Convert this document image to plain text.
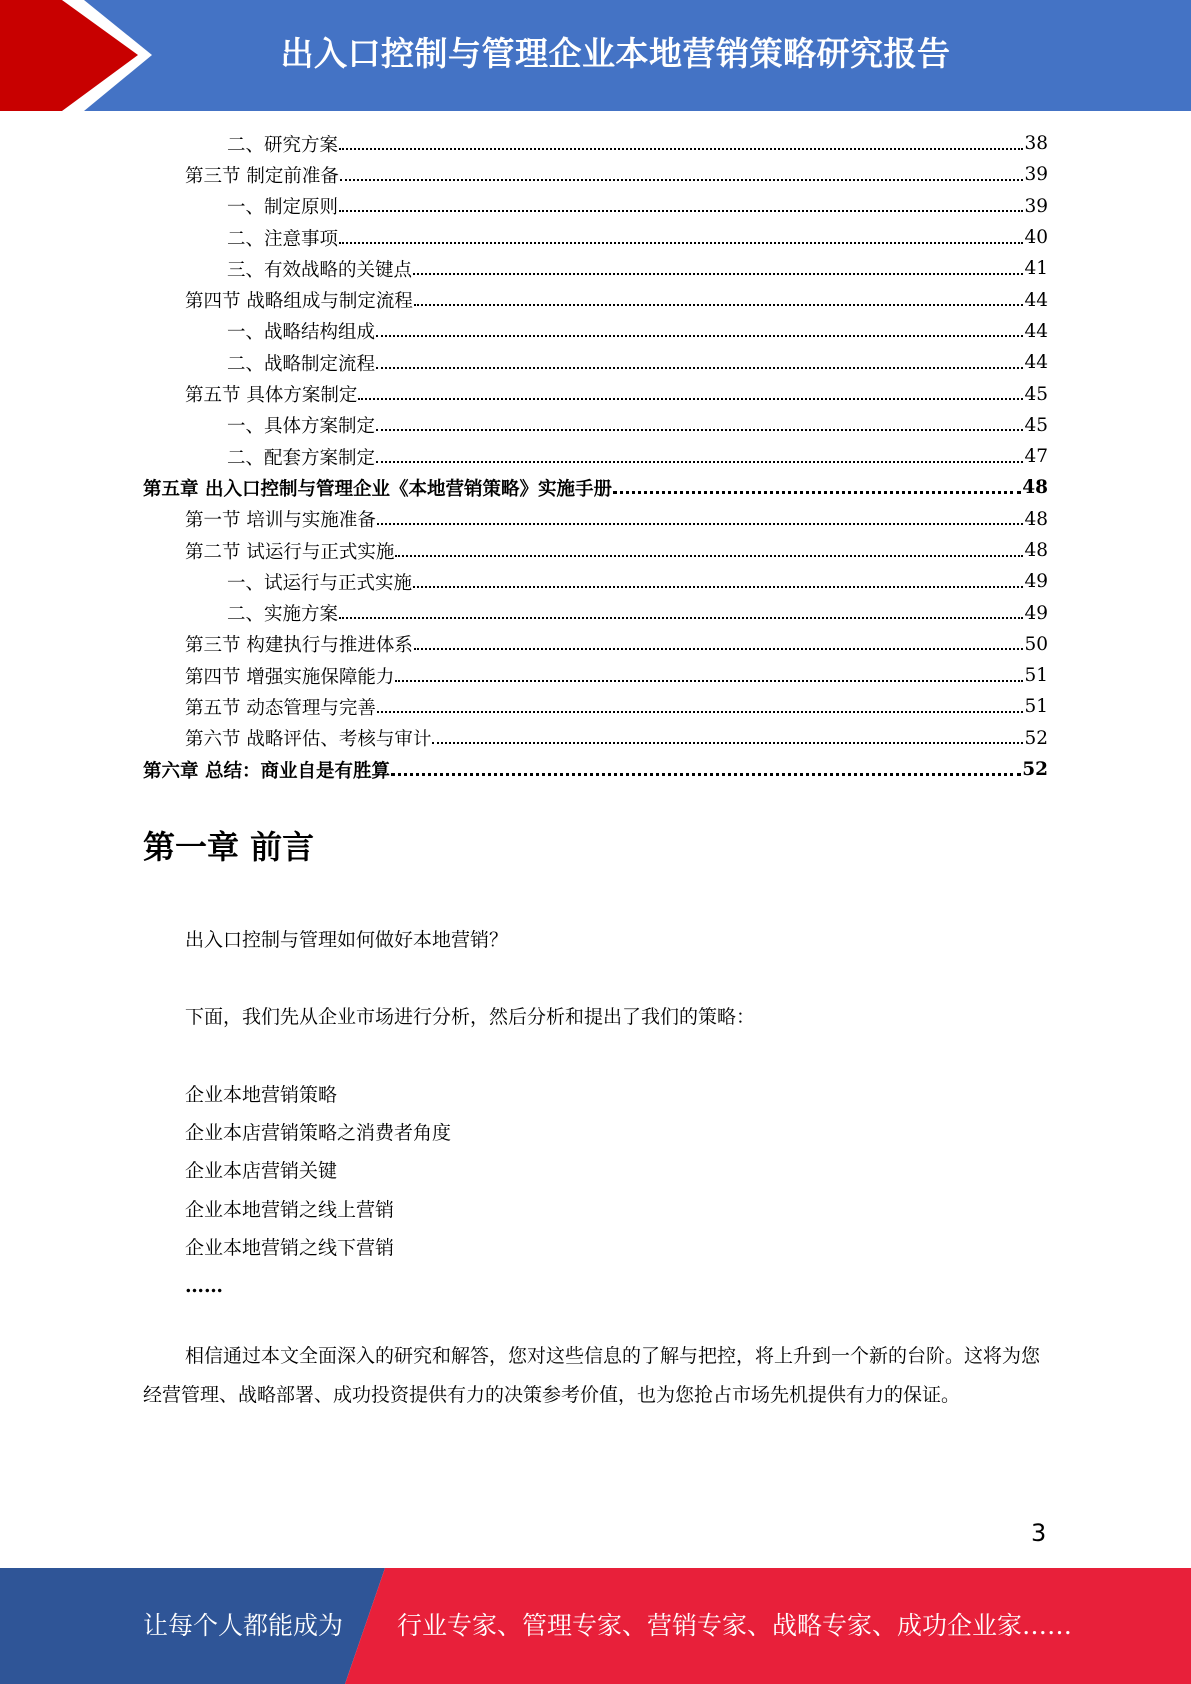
出入口控制与管理企业本地营销策略研究报告
二、研究方案	38
第三节 制定前准备	39
一、制定原则	39
二、注意事项	40
三、有效战略的关键点	41
第四节 战略组成与制定流程	44
一、战略结构组成	44
二、战略制定流程	44
第五节 具体方案制定	45
一、具体方案制定	45
二、配套方案制定	47
第五章 出入口控制与管理企业《本地营销策略》实施手册	48
第一节 培训与实施准备	48
第二节 试运行与正式实施	48
一、试运行与正式实施	49
二、实施方案	49
第三节 构建执行与推进体系	50
第四节 增强实施保障能力	51
第五节 动态管理与完善	51
第六节 战略评估、考核与审计	52
第六章 总结：商业自是有胜算	52
第一章 前言
出入口控制与管理如何做好本地营销？
下面，我们先从企业市场进行分析，然后分析和提出了我们的策略：
企业本地营销策略
企业本店营销策略之消费者角度
企业本店营销关键
企业本地营销之线上营销
企业本地营销之线下营销
……
相信通过本文全面深入的研究和解答，您对这些信息的了解与把控，将上升到一个新的台阶。这将为您经营管理、战略部署、成功投资提供有力的决策参考价值，也为您抢占市场先机提供有力的保证。
3
让每个人都能成为 行业专家、管理专家、营销专家、战略专家、成功企业家……
